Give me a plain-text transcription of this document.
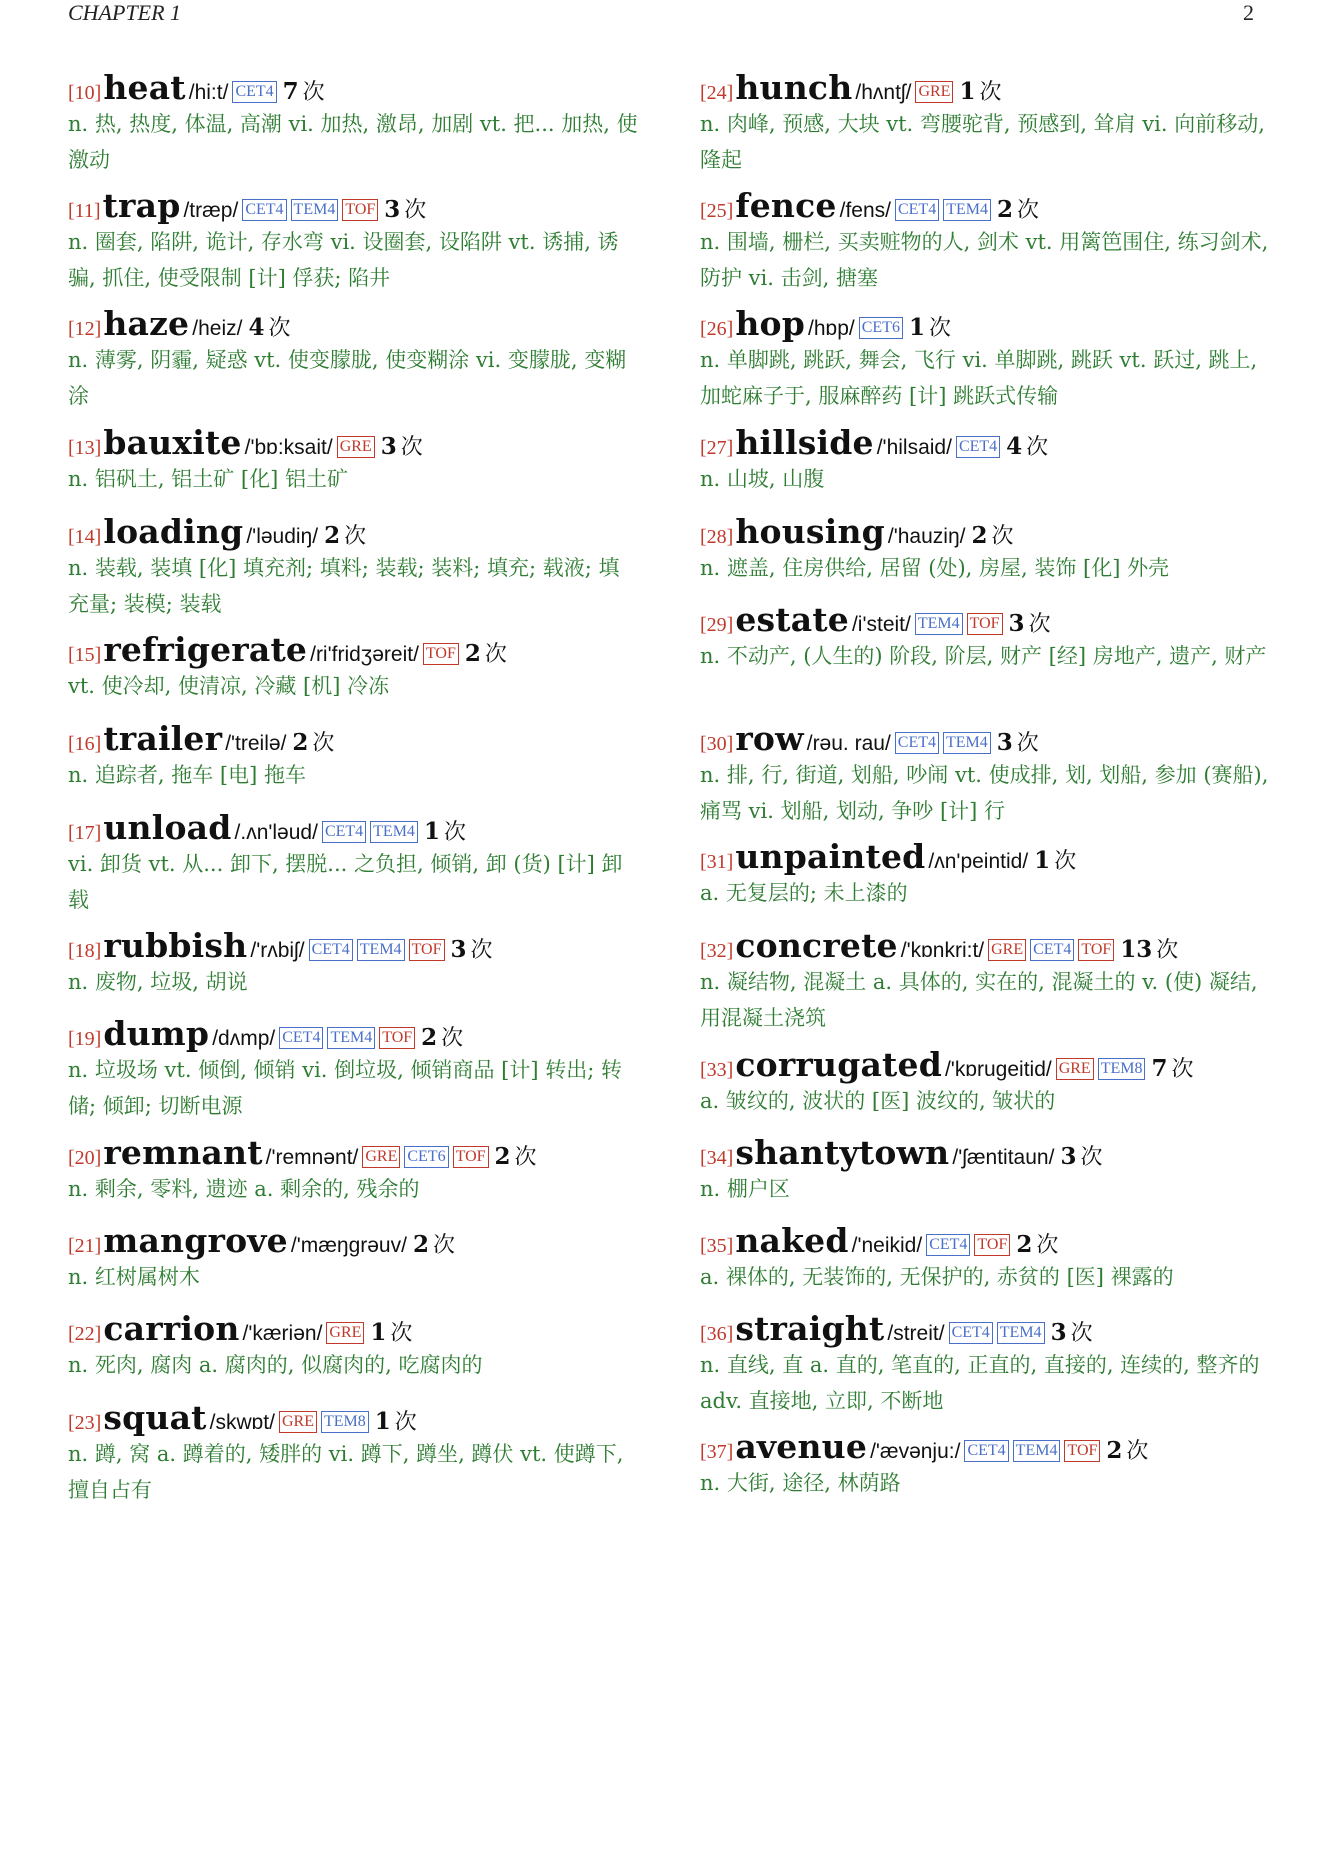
CHAPTER 1	2
[10]heat /hi:t/ CET4 7 次
n. 热, 热度, 体温, 高潮 vi. 加热, 激昂, 加剧 vt. 把... 加热, 使激动
[11]trap /træp/ CET4 TEM4 TOF 3 次
n. 圈套, 陷阱, 诡计, 存水弯 vi. 设圈套, 设陷阱 vt. 诱捕, 诱骗, 抓住, 使受限制 [计] 俘获; 陷井
[12]haze /heiz/ 4 次
n. 薄雾, 阴霾, 疑惑 vt. 使变朦胧, 使变糊涂 vi. 变朦胧, 变糊涂
[13]bauxite /'bɒ:ksait/ GRE 3 次
n. 铝矾土, 铝土矿 [化] 铝土矿
[14]loading /'ləudiŋ/ 2 次
n. 装载, 装填 [化] 填充剂; 填料; 装载; 装料; 填充; 载液; 填充量; 装模; 装载
[15]refrigerate /ri'fridʒəreit/ TOF 2 次
vt. 使冷却, 使清凉, 冷藏 [机] 冷冻
[16]trailer /'treilə/ 2 次
n. 追踪者, 拖车 [电] 拖车
[17]unload /.ʌn'ləud/ CET4 TEM4 1 次
vi. 卸货 vt. 从... 卸下, 摆脱... 之负担, 倾销, 卸 (货) [计] 卸载
[18]rubbish /'rʌbiʃ/ CET4 TEM4 TOF 3 次
n. 废物, 垃圾, 胡说
[19]dump /dʌmp/ CET4 TEM4 TOF 2 次
n. 垃圾场 vt. 倾倒, 倾销 vi. 倒垃圾, 倾销商品 [计] 转出; 转储; 倾卸; 切断电源
[20]remnant /'remnənt/ GRE CET6 TOF 2 次
n. 剩余, 零料, 遗迹 a. 剩余的, 残余的
[21]mangrove /'mæŋgrəuv/ 2 次
n. 红树属树木
[22]carrion /'kæriən/ GRE 1 次
n. 死肉, 腐肉 a. 腐肉的, 似腐肉的, 吃腐肉的
[23]squat /skwɒt/ GRE TEM8 1 次
n. 蹲, 窝 a. 蹲着的, 矮胖的 vi. 蹲下, 蹲坐, 蹲伏 vt. 使蹲下, 擅自占有
[24]hunch /hʌntʃ/ GRE 1 次
n. 肉峰, 预感, 大块 vt. 弯腰驼背, 预感到, 耸肩 vi. 向前移动, 隆起
[25]fence /fens/ CET4 TEM4 2 次
n. 围墙, 栅栏, 买卖赃物的人, 剑术 vt. 用篱笆围住, 练习剑术, 防护 vi. 击剑, 搪塞
[26]hop /hɒp/ CET6 1 次
n. 单脚跳, 跳跃, 舞会, 飞行 vi. 单脚跳, 跳跃 vt. 跃过, 跳上, 加蛇麻子于, 服麻醉药 [计] 跳跃式传输
[27]hillside /'hilsaid/ CET4 4 次
n. 山坡, 山腹
[28]housing /'hauziŋ/ 2 次
n. 遮盖, 住房供给, 居留 (处), 房屋, 装饰 [化] 外壳
[29]estate /i'steit/ TEM4 TOF 3 次
n. 不动产, (人生的) 阶段, 阶层, 财产 [经] 房地产, 遗产, 财产
[30]row /rəu. rau/ CET4 TEM4 3 次
n. 排, 行, 街道, 划船, 吵闹 vt. 使成排, 划, 划船, 参加 (赛船), 痛骂 vi. 划船, 划动, 争吵 [计] 行
[31]unpainted /ʌn'peintid/ 1 次
a. 无复层的; 未上漆的
[32]concrete /'kɒnkri:t/ GRE CET4 TOF 13 次
n. 凝结物, 混凝土 a. 具体的, 实在的, 混凝土的 v. (使) 凝结, 用混凝土浇筑
[33]corrugated /'kɒrugeitid/ GRE TEM8 7 次
a. 皱纹的, 波状的 [医] 波纹的, 皱状的
[34]shantytown /'ʃæntitaun/ 3 次
n. 棚户区
[35]naked /'neikid/ CET4 TOF 2 次
a. 裸体的, 无装饰的, 无保护的, 赤贫的 [医] 裸露的
[36]straight /streit/ CET4 TEM4 3 次
n. 直线, 直 a. 直的, 笔直的, 正直的, 直接的, 连续的, 整齐的 adv. 直接地, 立即, 不断地
[37]avenue /'ævənju:/ CET4 TEM4 TOF 2 次
n. 大街, 途径, 林荫路
